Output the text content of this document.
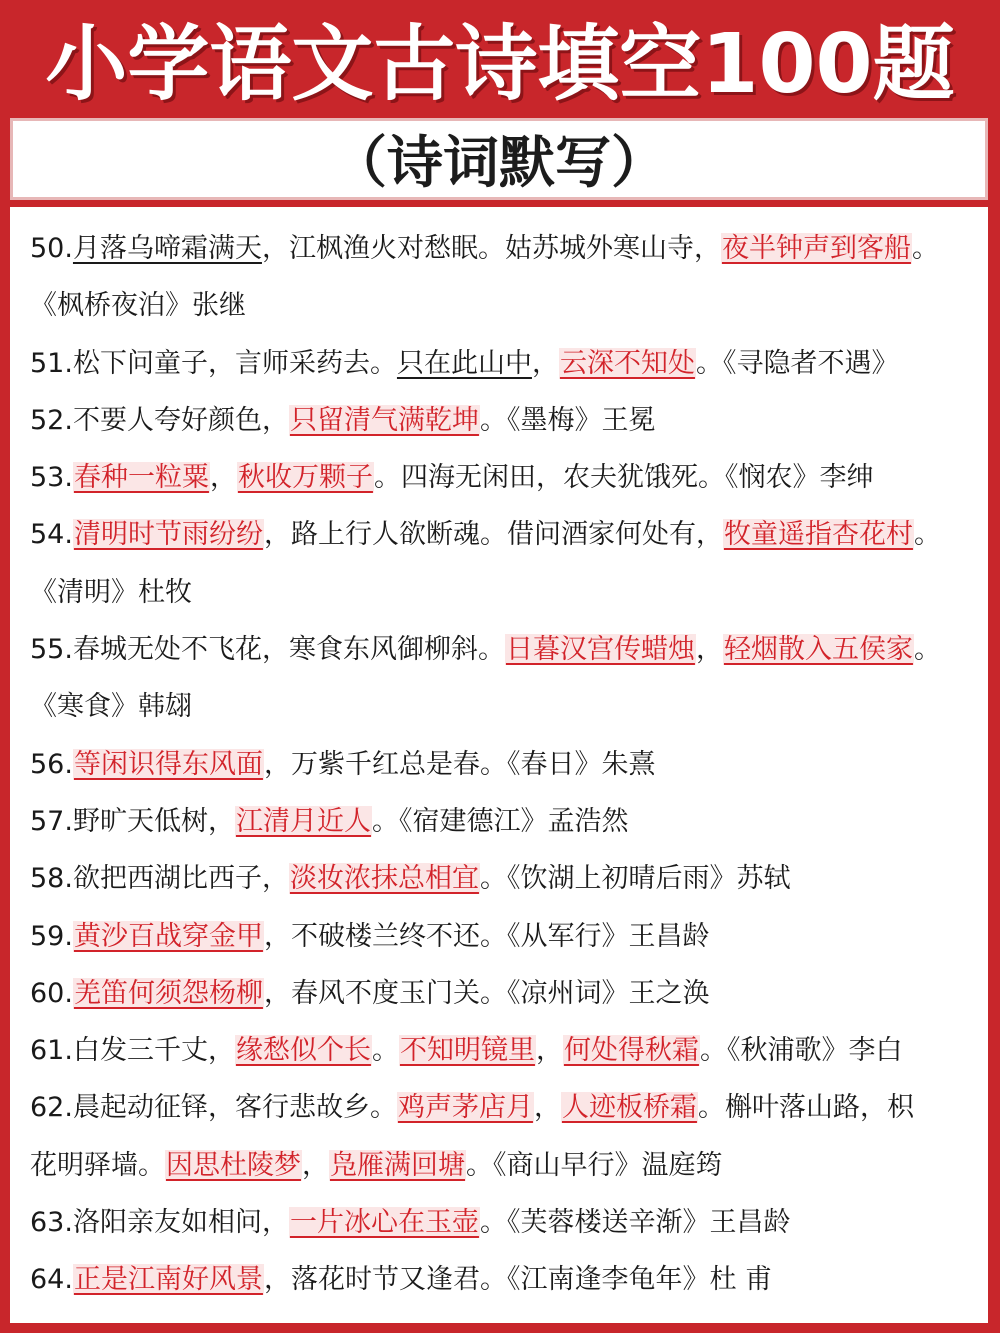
小学语文古诗填空100题
（诗词默写）
50.月落乌啼霜满天，江枫渔火对愁眠。姑苏城外寒山寺，夜半钟声到客船。
《枫桥夜泊》张继
51.松下问童子，言师采药去。只在此山中，云深不知处。《寻隐者不遇》
52.不要人夸好颜色，只留清气满乾坤。《墨梅》王冕
53.春种一粒粟，秋收万颗子。四海无闲田，农夫犹饿死。《悯农》李绅
54.清明时节雨纷纷，路上行人欲断魂。借问酒家何处有，牧童遥指杏花村。
《清明》杜牧
55.春城无处不飞花，寒食东风御柳斜。日暮汉宫传蜡烛，轻烟散入五侯家。
《寒食》韩翃
56.等闲识得东风面，万紫千红总是春。《春日》朱熹
57.野旷天低树，江清月近人。《宿建德江》孟浩然
58.欲把西湖比西子，淡妆浓抹总相宜。《饮湖上初晴后雨》苏轼
59.黄沙百战穿金甲，不破楼兰终不还。《从军行》王昌龄
60.羌笛何须怨杨柳，春风不度玉门关。《凉州词》王之涣
61.白发三千丈，缘愁似个长。不知明镜里，何处得秋霜。《秋浦歌》李白
62.晨起动征铎，客行悲故乡。鸡声茅店月，人迹板桥霜。槲叶落山路，枳
花明驿墙。因思杜陵梦，凫雁满回塘。《商山早行》温庭筠
63.洛阳亲友如相问，一片冰心在玉壶。《芙蓉楼送辛渐》王昌龄
64.正是江南好风景，落花时节又逢君。《江南逢李龟年》杜 甫
